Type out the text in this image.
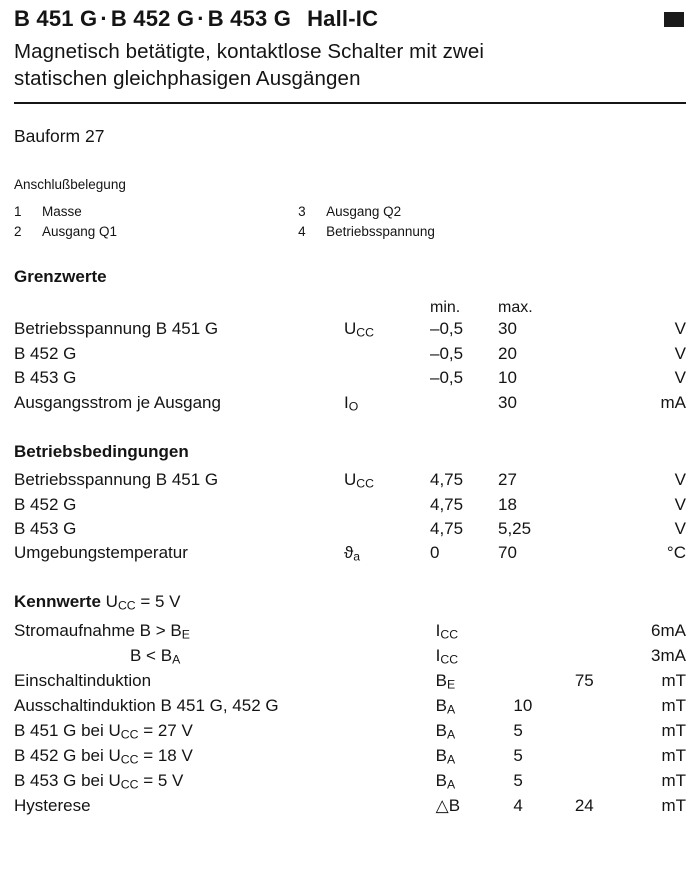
B 451 G · B 452 G · B 453 G Hall-IC
Magnetisch betätigte, kontaktlose Schalter mit zwei
statischen gleichphasigen Ausgängen
Bauform 27
Anschlußbelegung
1	Masse	3	Ausgang Q2
2	Ausgang Q1	4	Betriebsspannung
Grenzwerte
min.	max.
Betriebsspannung B 451 G	$U_{CC}$	–0,5	30	V
B 452 G		–0,5	20	V
B 453 G		–0,5	10	V
Ausgangsstrom je Ausgang	$I_O$		30	mA
Betriebsbedingungen
Betriebsspannung B 451 G	$U_{CC}$	4,75	27	V
B 452 G		4,75	18	V
B 453 G		4,75	5,25	V
Umgebungstemperatur	$ϑ_a$	0	70	°C
Kennwerte $U_{CC} = 5$ V
Stromaufnahme $B > B_E$	$I_{CC}$		6	mA
$B < B_A$	$I_{CC}$		3	mA
Einschaltinduktion	$B_E$		75	mT
Ausschaltinduktion B 451 G, 452 G	$B_A$	10		mT
B 451 G bei $U_{CC} = 27$ V	$B_A$	5		mT
B 452 G bei $U_{CC} = 18$ V	$B_A$	5		mT
B 453 G bei $U_{CC} = 5$ V	$B_A$	5		mT
Hysterese	△B	4	24	mT
